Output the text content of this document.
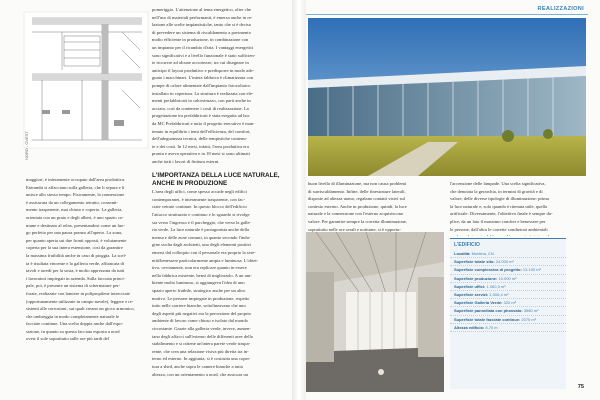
NORD - OVEST
maggiori, è interamente occupato dall'area produttiva.
Entrambi si affacciano sulla galleria, che li separa e li
unisce allo stesso tempo. Fisicamente, la connessione
è assicurata da un collegamento retratto, consenti-
mento trasparente, mai chiuso e coperto. La galleria,
orientata con un prato e degli alberi, è uno spazio co-
mune e destinato al relax, presentandosi come un luo-
go perfetto per una pausa pranzo all'aperto. La zona,
per quanto aperta sui due fronti opposti, è volutamente
coperta per la sua intera estensione, così da garantire
la massima fruibilità anche in caso di pioggia. La scel-
ta è risultata vincente e la galleria verde, affiancata di
tavoli e arredi per la sosta, è molto apprezzata da tutti
i lavoratori impiegati in azienda. Sulla facciata princi-
pale, poi, è presente un sistema di schermature per-
forate, realizzate con lamiere in polipropilene intrecciate
(opportunamente utilizzate in campo navale), leggere e re-
sistenti alle corrosioni, sui quali creano un gioco armonico,
che ombreggia in modo completamente naturale le
facciate continue. Una scelta doppia anche dall'espo-
sizione, in quanto su questa facciata esposta a nord
ovest il sole soprattutto sulle ore più tardi del
pomeriggio. L'attenzione al tema energetico, oltre che
nell'uso di materiali performanti, è emersa anche in re-
lazione alle scelte impiantistiche, tanto che si è deciso
di prevedere un sistema di riscaldamento a pavimento
molto efficiente in produzione, in combinazione con
un impianto per il ricambio d'aria. I vantaggi energetici
sono significativi e a livello funzionale è stato sufficien-
te ricorrere ad alcune accortezze, tra cui disegnare in
anticipo il layout produttivo e predisporre in modo ade-
guato i macchinari. L'intera fabbrica è climatizzata con
pompe di calore alimentate dall'impianto fotovoltaico
installato in copertura. La struttura è realizzata con ele-
menti prefabbricati in calcestruzzo, con parti anche in
acciaio, così da contenere i costi di realizzazione. La
progettazione tra prefabbricati è stata eseguita ad hoc
da MC Prefabbricati e tutto il progetto esecutivo è man-
tenuto in equilibrio i temi dell'efficienza, del comfort,
dell'adeguatezza tecnica, delle tempistiche contenu-
te e dei costi. In 12 mesi, infatti, l'area produttiva era
pronta e aveva operativa e in 18 mesi si sono ultimati
anche tutti i lavori di finitura esterni.
L'area degli uffici, come spesso accade negli edifici
contemporanei, è interamente trasparente, con fac-
ciate vetrate continue. In questo blocco dell'edificio
l'attacco strutturato e continuo e lo sguardo si rivolge
sia verso l'ingresso e il parcheggio, che verso la galle-
ria verde. La luce naturale è protagonista anche della
mensa e delle zone comuni, in quanto secondo l'indu-
gine svolta dagli architetti, uno degli elementi positivi
emersi dal colloquio con il personale era proprio la sere-
nità/benessere particolarmente ampia e luminosa. L'obiet-
tivo, ovviamente, non era replicare quanto in essere
nella fabbrica esistente, bensì di migliorarlo. A un am-
biente molto luminoso, si aggiungeva l'idea di uno
spazio aperto fruibile, strategico anche per un altro
motivo. Le persone impiegate in produzione, rispetto
tutto nelle carriere bianche, sottolineavano che uno
degli aspetti più negativi era la percezione del proprio
ambiente di lavoro come chiuso e isolato dal mondo
circostante. Grazie alla galleria verde, invece, aumen-
tano degli affacci sull'esterno delle differenti aree dello
stabilimento e si ottiene un'intera parete verde traspa-
rente, che crea una relazione visiva più diretta tra in-
terno ed esterno. In aggiunta, si è costruita una coper-
tura a shed, anche sopra le camere bianche a tutta
altezza, con un orientamento a nord, che assicura un
L'IMPORTANZA DELLA LUCE NATURALE, ANCHE IN PRODUZIONE
REALIZZAZIONI
buon livello di illuminazione, ma non causa problemi
di surriscaldamento. Infine, delle finestrature laterali,
disposte ad altezza uomo, regalano contatti visivi sul
contesto esterno. Anche in produzione, quindi, la luce
naturale e la connessione con l'esterno acquisiscono
valore. Per garantire sempre la corretta illuminazione,
soprattutto nelle ore serali e notturne, si è opportu-
l'accensione delle lampade. Una scelta significativa,
che denotata la gerarchia, in termini di gravità e di
valore, delle diverse tipologie di illuminazione: prima
la luce naturale e, solo quando è ritenuta utile, quella
artificiale. Diversamente, l'obiettivo finale è sempre du-
plice, da un lato il massimo comfort e benessere per
le persone, dall'altra le corrette condizioni ambientali
L'EDIFICIO
Località: Montina, CN
Superficie totale sito: 24.000 m²
Superficie complessiva di progetto: 13.100 m²
Superficie produzione: 10.000 m²
Superficie uffici: 1.060,3 m²
Superficie servizi: 1.006,4 m²
Superficie Galleria Verde: 320 m²
Superficie pannellata con phosvato: 3580 m²
Superficie totale facciate continue: 2075 m²
Altezza edificio: 8,70 m
75
